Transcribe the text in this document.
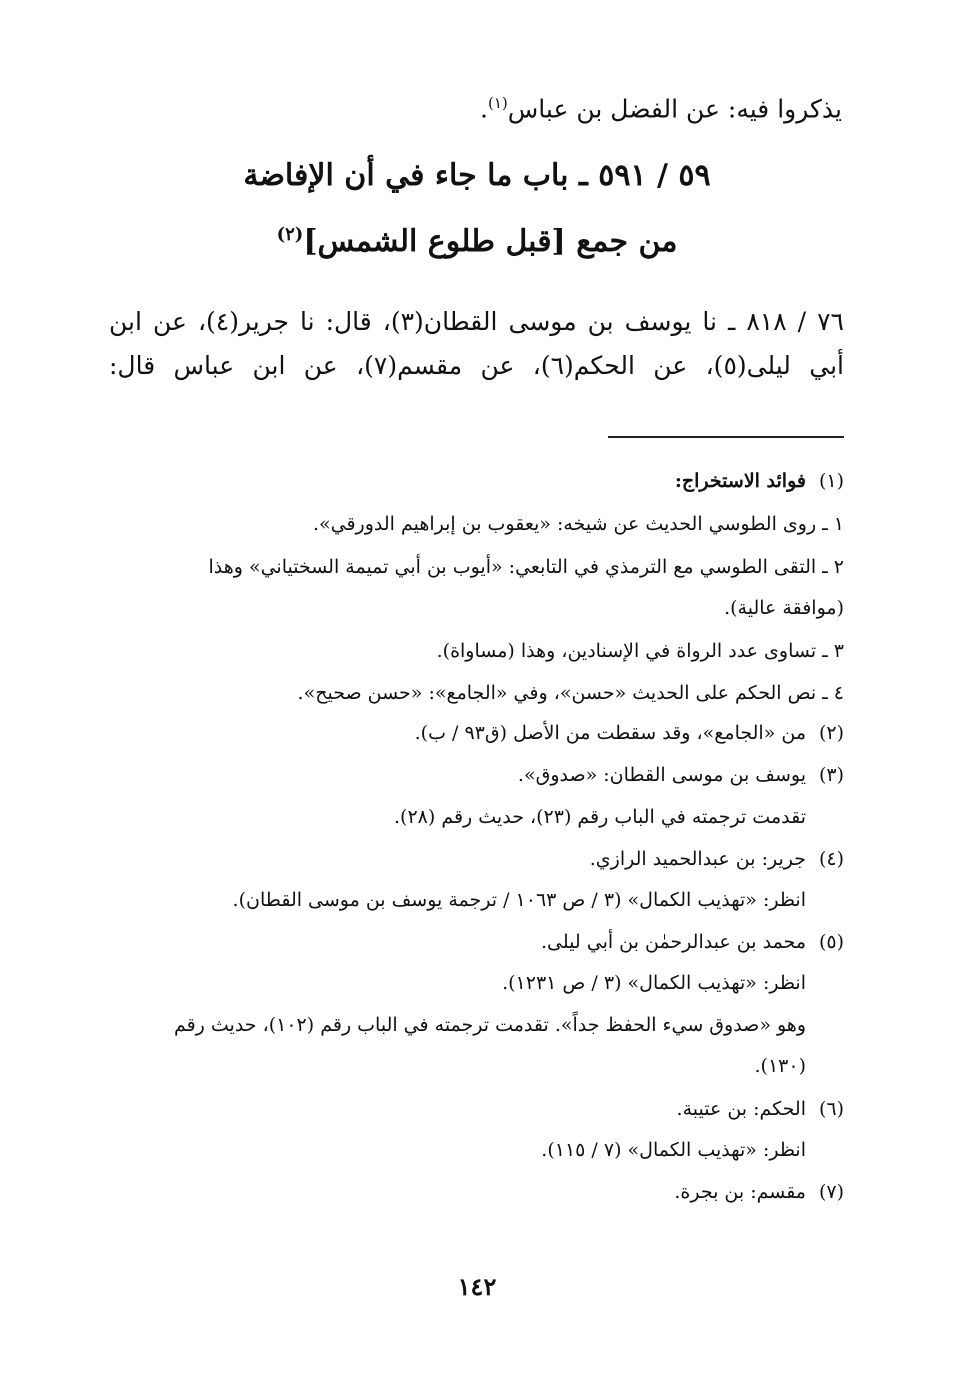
يذكروا فيه: عن الفضل بن عباس$^{(١)}$.
٥٩ / ٥٩١ ـ باب ما جاء في أن الإفاضة
من جمع [قبل طلوع الشمس]$^{(٢)}$
٧٦ / ٨١٨ ـ نا يوسف بن موسى القطان(٣)، قال: نا جرير(٤)، عن ابن
أبي ليلى(٥)، عن الحكم(٦)، عن مقسم(٧)، عن ابن عباس قال:
(١)فوائد الاستخراج:
١ ـ روى الطوسي الحديث عن شيخه: «يعقوب بن إبراهيم الدورقي».
٢ ـ التقى الطوسي مع الترمذي في التابعي: «أيوب بن أبي تميمة السختياني» وهذا
(موافقة عالية).
٣ ـ تساوى عدد الرواة في الإسنادين، وهذا (مساواة).
٤ ـ نص الحكم على الحديث «حسن»، وفي «الجامع»: «حسن صحيح».
(٢)من «الجامع»، وقد سقطت من الأصل (ق٩٣ / ب).
(٣)يوسف بن موسى القطان: «صدوق».
تقدمت ترجمته في الباب رقم (٢٣)، حديث رقم (٢٨).
(٤)جرير: بن عبدالحميد الرازي.
انظر: «تهذيب الكمال» (٣ / ص ١٠٦٣ / ترجمة يوسف بن موسى القطان).
(٥)محمد بن عبدالرحمٰن بن أبي ليلى.
انظر: «تهذيب الكمال» (٣ / ص ١٢٣١).
وهو «صدوق سيء الحفظ جداً». تقدمت ترجمته في الباب رقم (١٠٢)، حديث رقم
(١٣٠).
(٦)الحكم: بن عتيبة.
انظر: «تهذيب الكمال» (٧ / ١١٥).
(٧)مقسم: بن بجرة.
١٤٢
